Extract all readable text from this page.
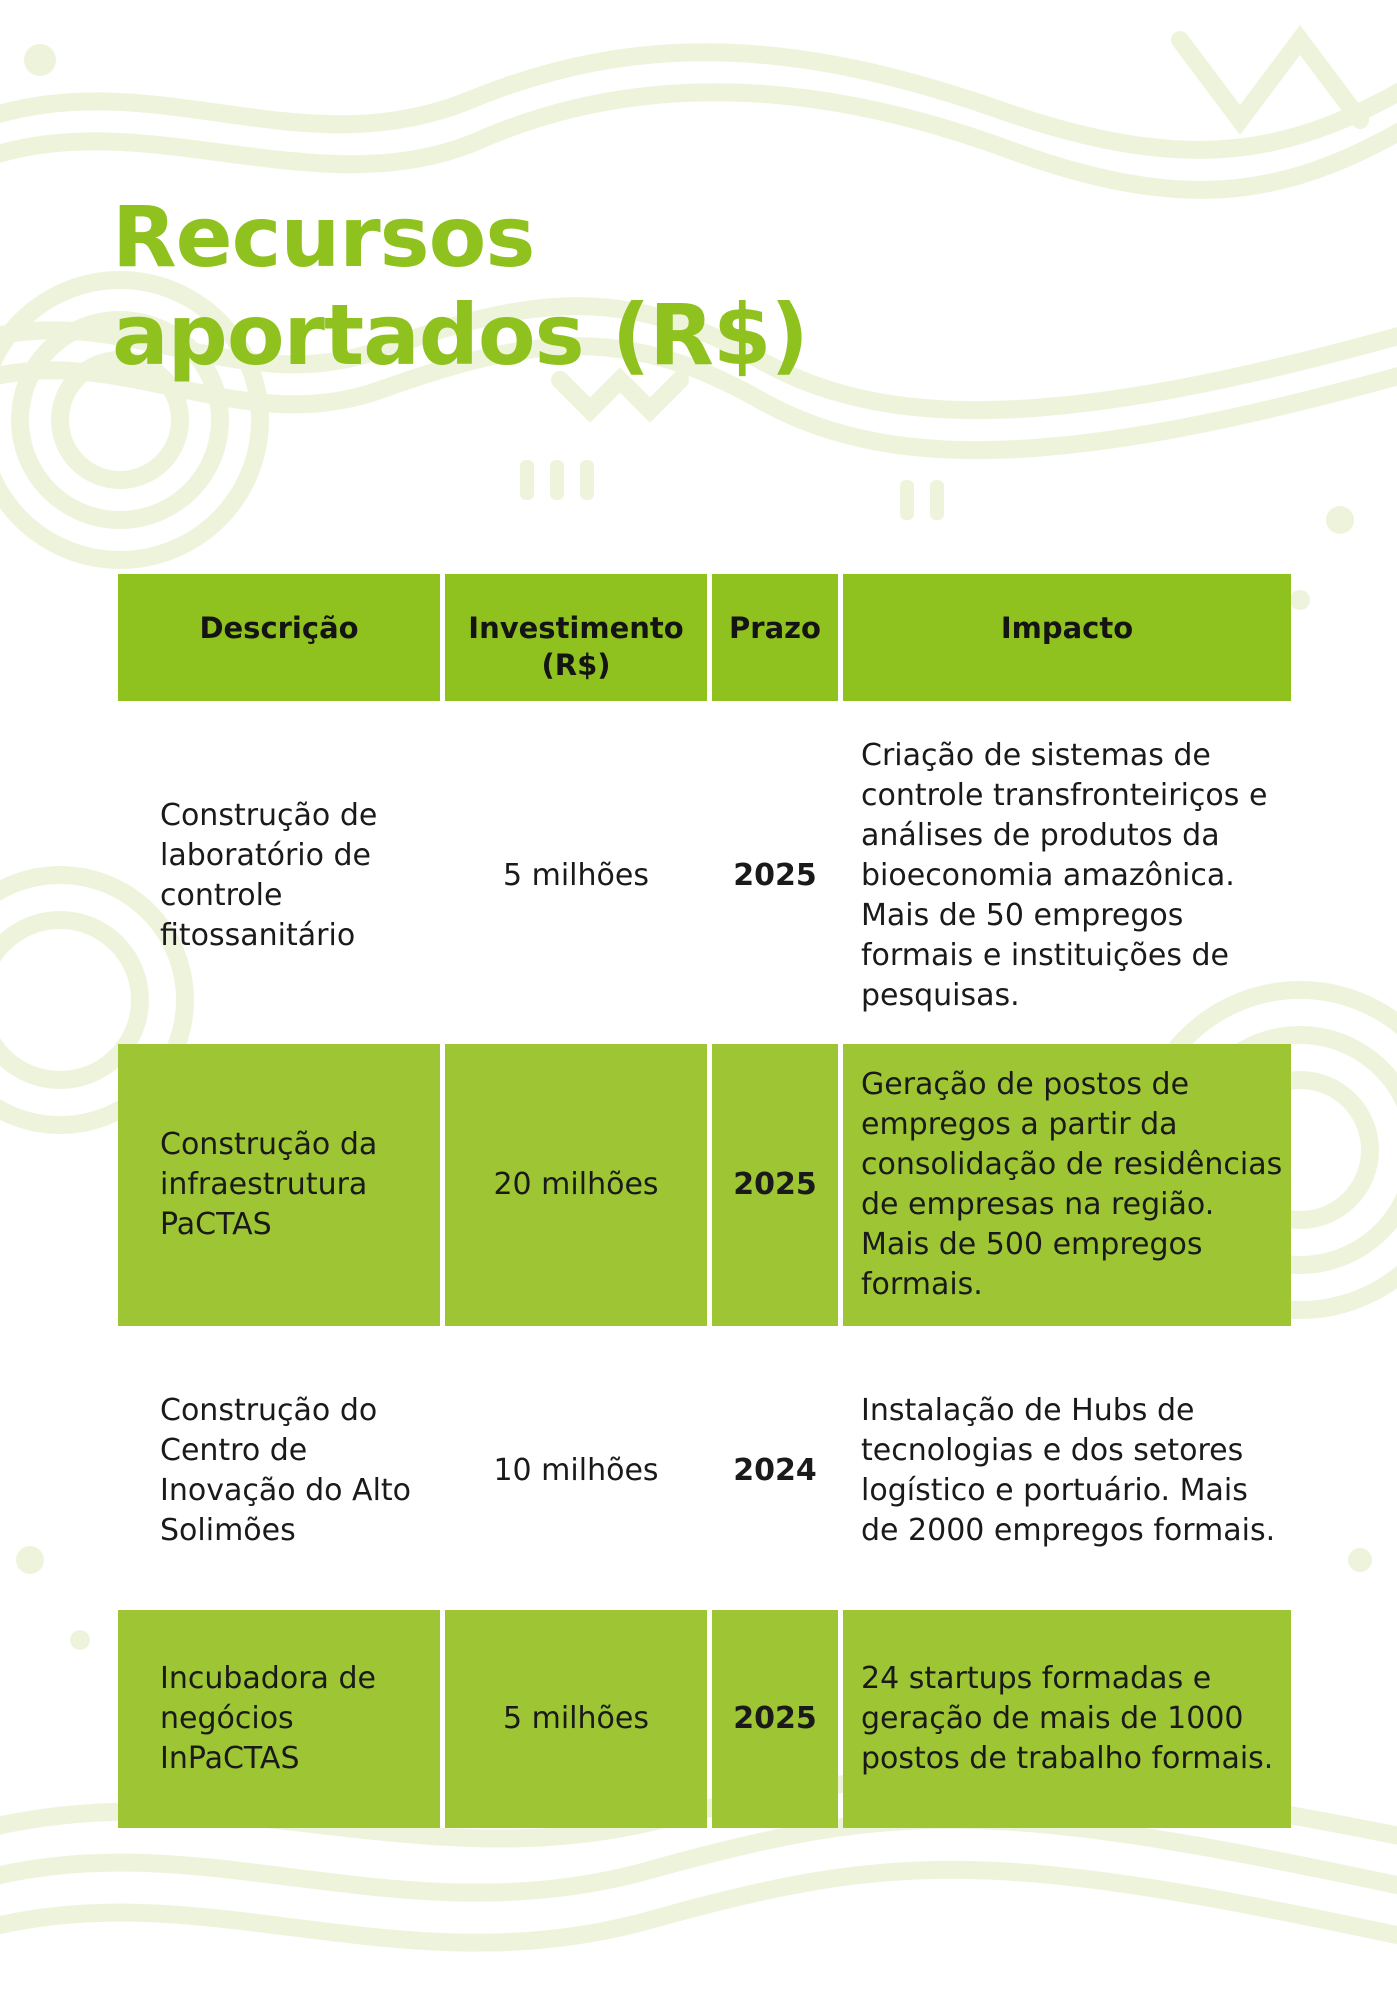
Recursos
aportados (R$)
Descrição	Investimento (R$)	Prazo	Impacto
Construção de laboratório de controle fitossanitário	5 milhões	2025	Criação de sistemas de controle transfronteiriços e análises de produtos da bioeconomia amazônica. Mais de 50 empregos formais e instituições de pesquisas.
Construção da infraestrutura PaCTAS	20 milhões	2025	Geração de postos de empregos a partir da consolidação de residências de empresas na região. Mais de 500 empregos formais.
Construção do Centro de Inovação do Alto Solimões	10 milhões	2024	Instalação de Hubs de tecnologias e dos setores logístico e portuário. Mais de 2000 empregos formais.
Incubadora de negócios InPaCTAS	5 milhões	2025	24 startups formadas e geração de mais de 1000 postos de trabalho formais.
